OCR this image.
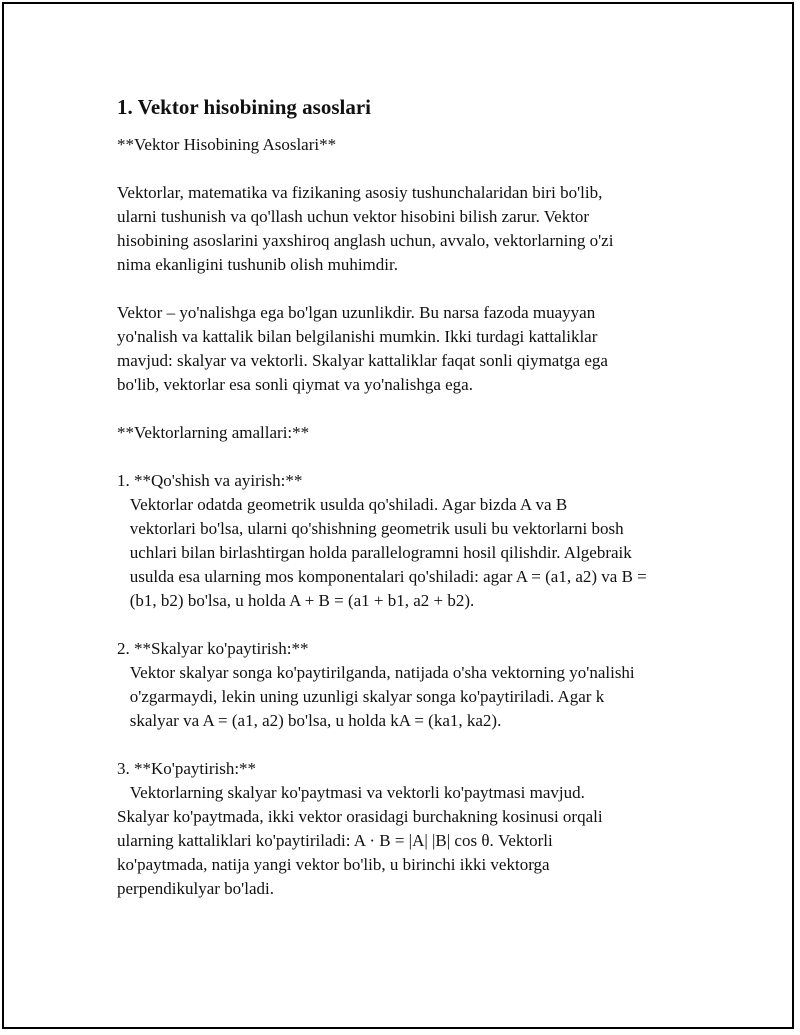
1. Vektor hisobining asoslari
**Vektor Hisobining Asoslari**
Vektorlar, matematika va fizikaning asosiy tushunchalaridan biri bo'lib,
ularni tushunish va qo'llash uchun vektor hisobini bilish zarur. Vektor
hisobining asoslarini yaxshiroq anglash uchun, avvalo, vektorlarning o'zi
nima ekanligini tushunib olish muhimdir.
Vektor – yo'nalishga ega bo'lgan uzunlikdir. Bu narsa fazoda muayyan
yo'nalish va kattalik bilan belgilanishi mumkin. Ikki turdagi kattaliklar
mavjud: skalyar va vektorli. Skalyar kattaliklar faqat sonli qiymatga ega
bo'lib, vektorlar esa sonli qiymat va yo'nalishga ega.
**Vektorlarning amallari:**
1. **Qo'shish va ayirish:**
Vektorlar odatda geometrik usulda qo'shiladi. Agar bizda A va B
vektorlari bo'lsa, ularni qo'shishning geometrik usuli bu vektorlarni bosh
uchlari bilan birlashtirgan holda parallelogramni hosil qilishdir. Algebraik
usulda esa ularning mos komponentalari qo'shiladi: agar A = (a1, a2) va B =
(b1, b2) bo'lsa, u holda A + B = (a1 + b1, a2 + b2).
2. **Skalyar ko'paytirish:**
Vektor skalyar songa ko'paytirilganda, natijada o'sha vektorning yo'nalishi
o'zgarmaydi, lekin uning uzunligi skalyar songa ko'paytiriladi. Agar k
skalyar va A = (a1, a2) bo'lsa, u holda kA = (ka1, ka2).
3. **Ko'paytirish:**
Vektorlarning skalyar ko'paytmasi va vektorli ko'paytmasi mavjud.
Skalyar ko'paytmada, ikki vektor orasidagi burchakning kosinusi orqali
ularning kattaliklari ko'paytiriladi: A · B = |A| |B| cos θ. Vektorli
ko'paytmada, natija yangi vektor bo'lib, u birinchi ikki vektorga
perpendikulyar bo'ladi.
